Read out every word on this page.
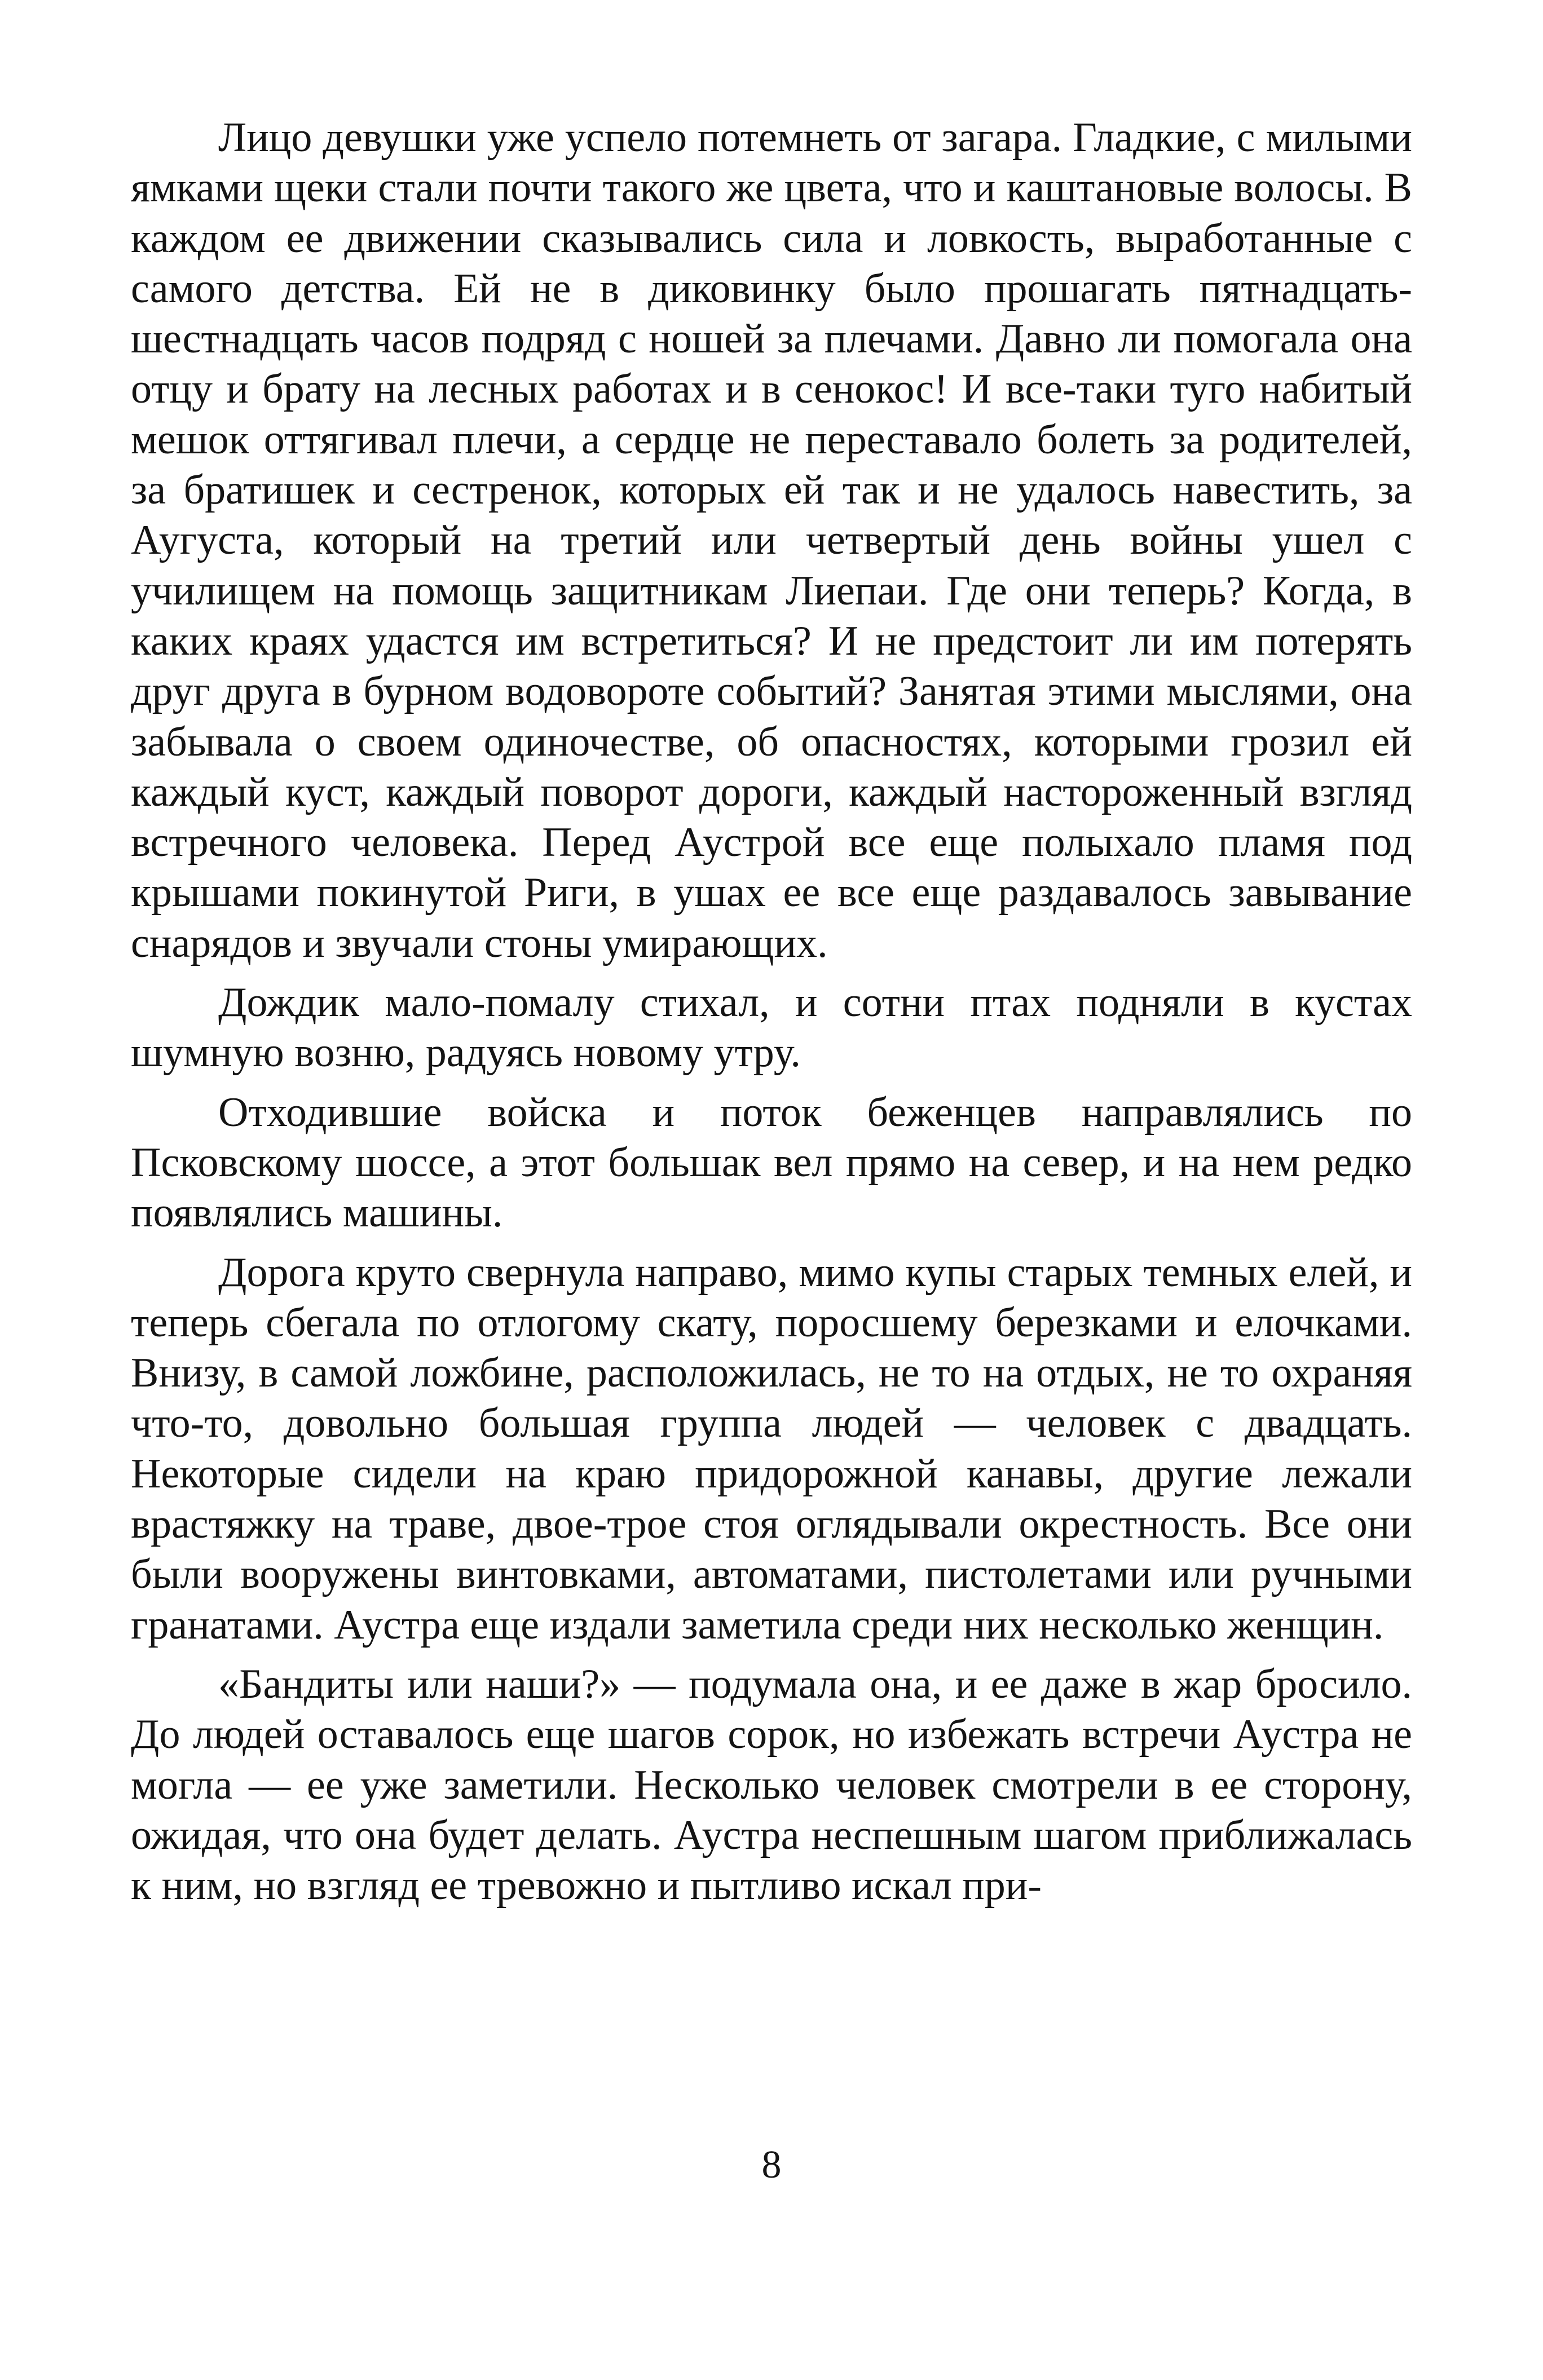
Лицо девушки уже успело потемнеть от загара. Гладкие, с милыми ямками щеки стали почти такого же цвета, что и каштановые волосы. В каждом ее движении сказывались сила и ловкость, выработанные с самого детства. Ей не в диковинку было прошагать пятнадцать-шестнадцать часов подряд с ношей за плечами. Давно ли помогала она отцу и брату на лесных работах и в сенокос! И все-таки туго набитый мешок оттягивал плечи, а сердце не переставало болеть за родителей, за братишек и сестренок, которых ей так и не удалось навестить, за Аугуста, который на третий или четвертый день войны ушел с училищем на помощь защитникам Лиепаи. Где они теперь? Когда, в каких краях удастся им встретиться? И не предстоит ли им потерять друг друга в бурном водовороте событий? Занятая этими мыслями, она забывала о своем одиночестве, об опасностях, которыми грозил ей каждый куст, каждый поворот дороги, каждый настороженный взгляд встречного человека. Перед Аустрой все еще полыхало пламя под крышами покинутой Риги, в ушах ее все еще раздавалось завывание снарядов и звучали стоны умирающих.

Дождик мало-помалу стихал, и сотни птах подняли в кустах шумную возню, радуясь новому утру.

Отходившие войска и поток беженцев направлялись по Псковскому шоссе, а этот большак вел прямо на север, и на нем редко появлялись машины.

Дорога круто свернула направо, мимо купы старых темных елей, и теперь сбегала по отлогому скату, поросшему березками и елочками. Внизу, в самой ложбине, расположилась, не то на отдых, не то охраняя что-то, довольно большая группа людей — человек с двадцать. Некоторые сидели на краю придорожной канавы, другие лежали врастяжку на траве, двое-трое стоя оглядывали окрестность. Все они были вооружены винтовками, автоматами, пистолетами или ручными гранатами. Аустра еще издали заметила среди них несколько женщин.

«Бандиты или наши?» — подумала она, и ее даже в жар бросило. До людей оставалось еще шагов сорок, но избежать встречи Аустра не могла — ее уже заметили. Несколько человек смотрели в ее сторону, ожидая, что она будет делать. Аустра неспешным шагом приближалась к ним, но взгляд ее тревожно и пытливо искал при-

8
